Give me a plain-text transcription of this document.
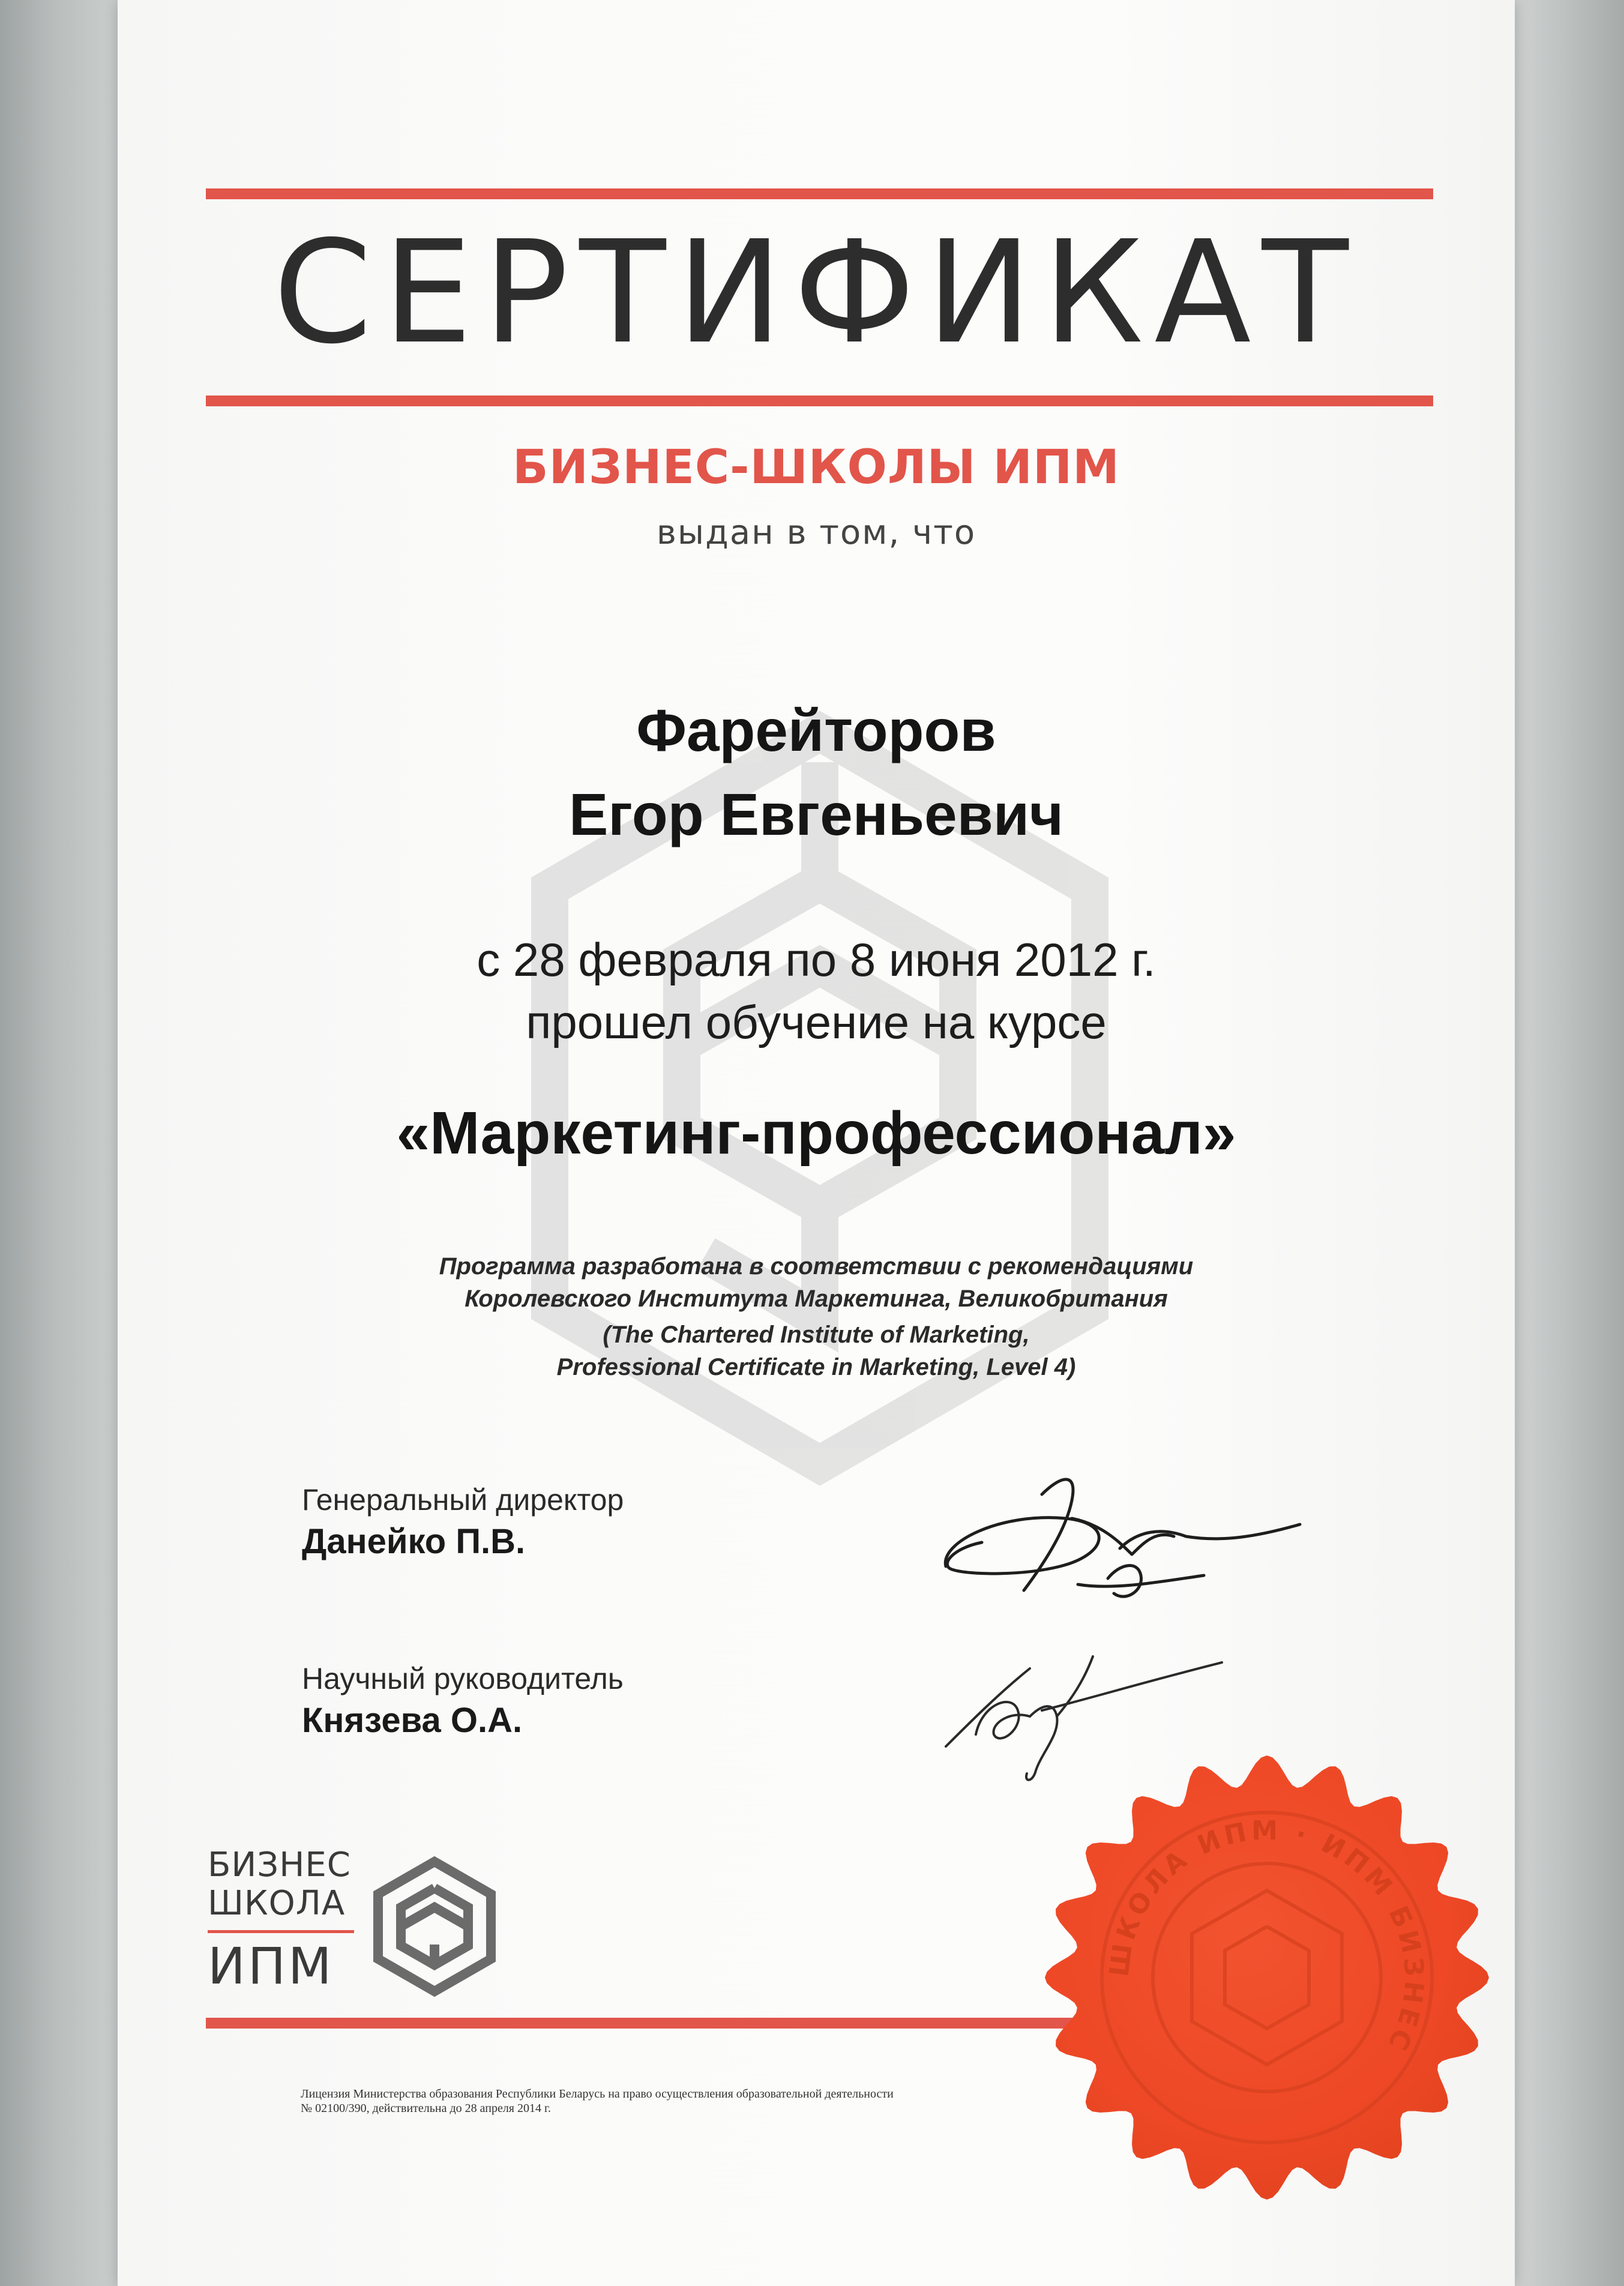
СЕРТИФИКАТ
БИЗНЕС-ШКОЛЫ ИПМ
выдан в том, что
Фарейторов
Егор Евгеньевич
с 28 февраля по 8 июня 2012 г.
прошел обучение на курсе
«Маркетинг-профессионал»
Программа разработана в соответствии с рекомендациями
Королевского Института Маркетинга, Великобритания
(The Chartered Institute of Marketing,
Professional Certificate in Marketing, Level 4)
Генеральный директор
Данейко П.В.
Научный руководитель
Князева О.А.
БИЗНЕС
ШКОЛА
ИПМ
Лицензия Министерства образования Республики Беларусь на право осуществления образовательной деятельности
№ 02100/390, действительна до 28 апреля 2014 г.
ШКОЛА ИПМ · ИПМ БИЗНЕС
